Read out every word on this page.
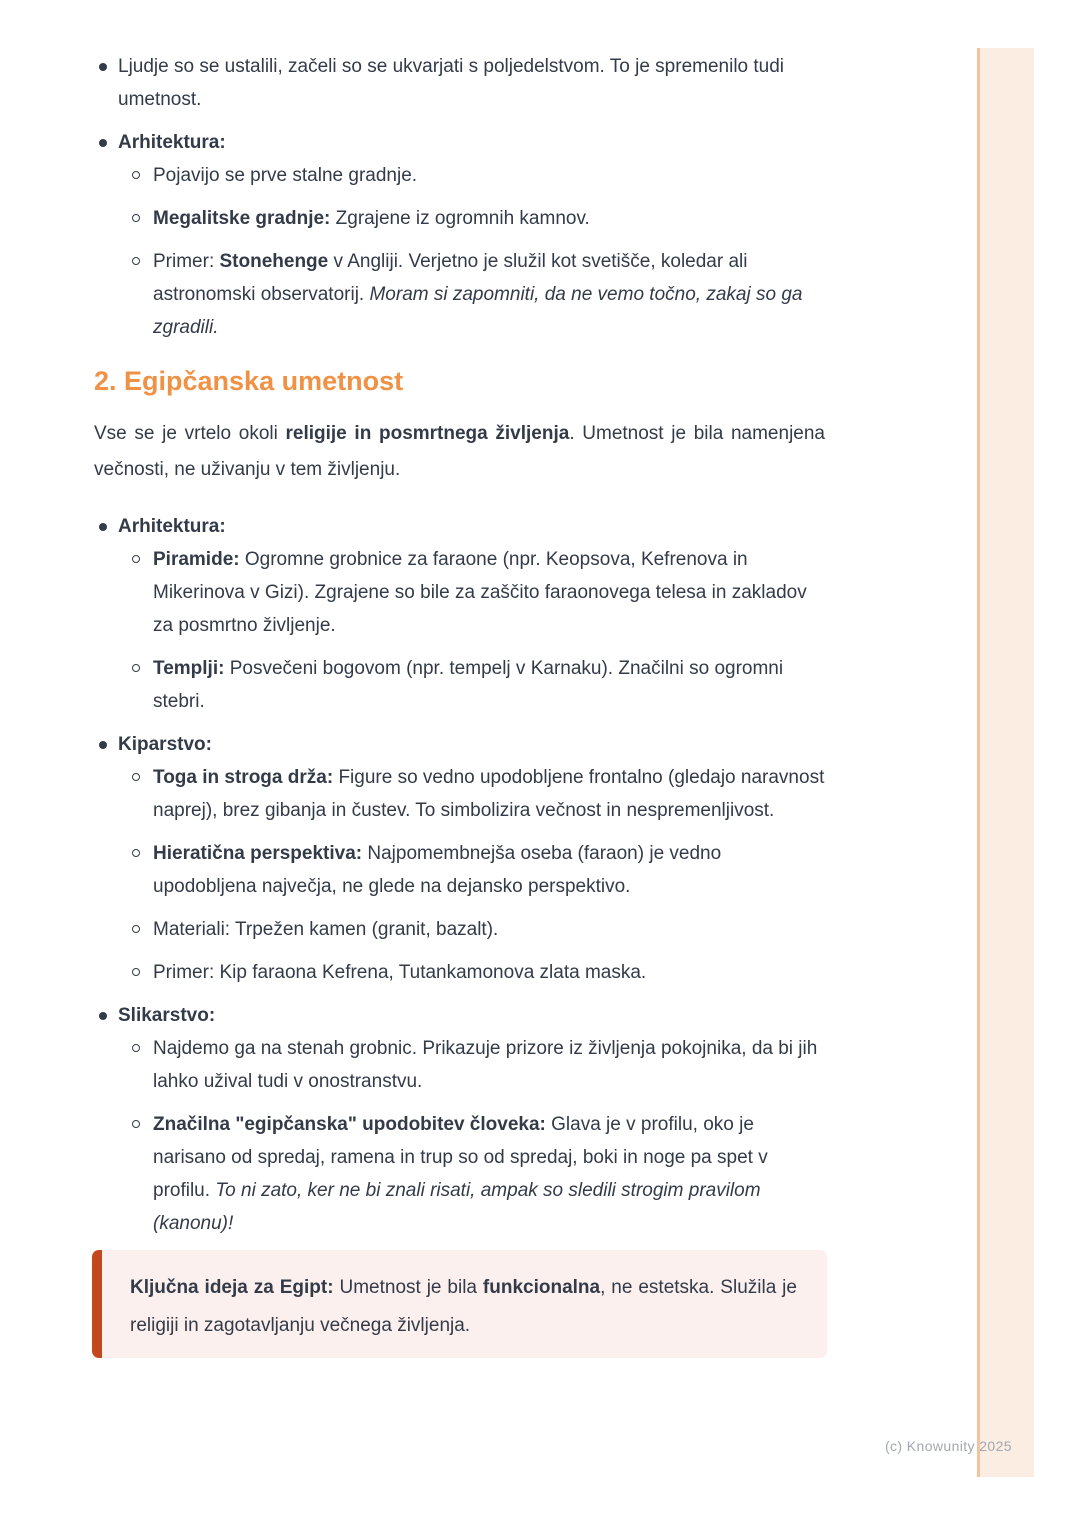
Ljudje so se ustalili, začeli so se ukvarjati s poljedelstvom. To je spremenilo tudi umetnost.
Arhitektura:
Pojavijo se prve stalne gradnje.
Megalitske gradnje: Zgrajene iz ogromnih kamnov.
Primer: Stonehenge v Angliji. Verjetno je služil kot svetišče, koledar ali astronomski observatorij. Moram si zapomniti, da ne vemo točno, zakaj so ga zgradili.
2. Egipčanska umetnost

Vse se je vrtelo okoli religije in posmrtnega življenja. Umetnost je bila namenjena večnosti, ne uživanju v tem življenju.

Arhitektura:
Piramide: Ogromne grobnice za faraone (npr. Keopsova, Kefrenova in Mikerinova v Gizi). Zgrajene so bile za zaščito faraonovega telesa in zakladov za posmrtno življenje.
Templji: Posvečeni bogovom (npr. tempelj v Karnaku). Značilni so ogromni stebri.
Kiparstvo:
Toga in stroga drža: Figure so vedno upodobljene frontalno (gledajo naravnost naprej), brez gibanja in čustev. To simbolizira večnost in nespremenljivost.
Hieratična perspektiva: Najpomembnejša oseba (faraon) je vedno upodobljena največja, ne glede na dejansko perspektivo.
Materiali: Trpežen kamen (granit, bazalt).
Primer: Kip faraona Kefrena, Tutankamonova zlata maska.
Slikarstvo:
Najdemo ga na stenah grobnic. Prikazuje prizore iz življenja pokojnika, da bi jih lahko užival tudi v onostranstvu.
Značilna "egipčanska" upodobitev človeka: Glava je v profilu, oko je narisano od spredaj, ramena in trup so od spredaj, boki in noge pa spet v profilu. To ni zato, ker ne bi znali risati, ampak so sledili strogim pravilom (kanonu)!
Ključna ideja za Egipt: Umetnost je bila funkcionalna, ne estetska. Služila je religiji in zagotavljanju večnega življenja.
(c) Knowunity 2025
